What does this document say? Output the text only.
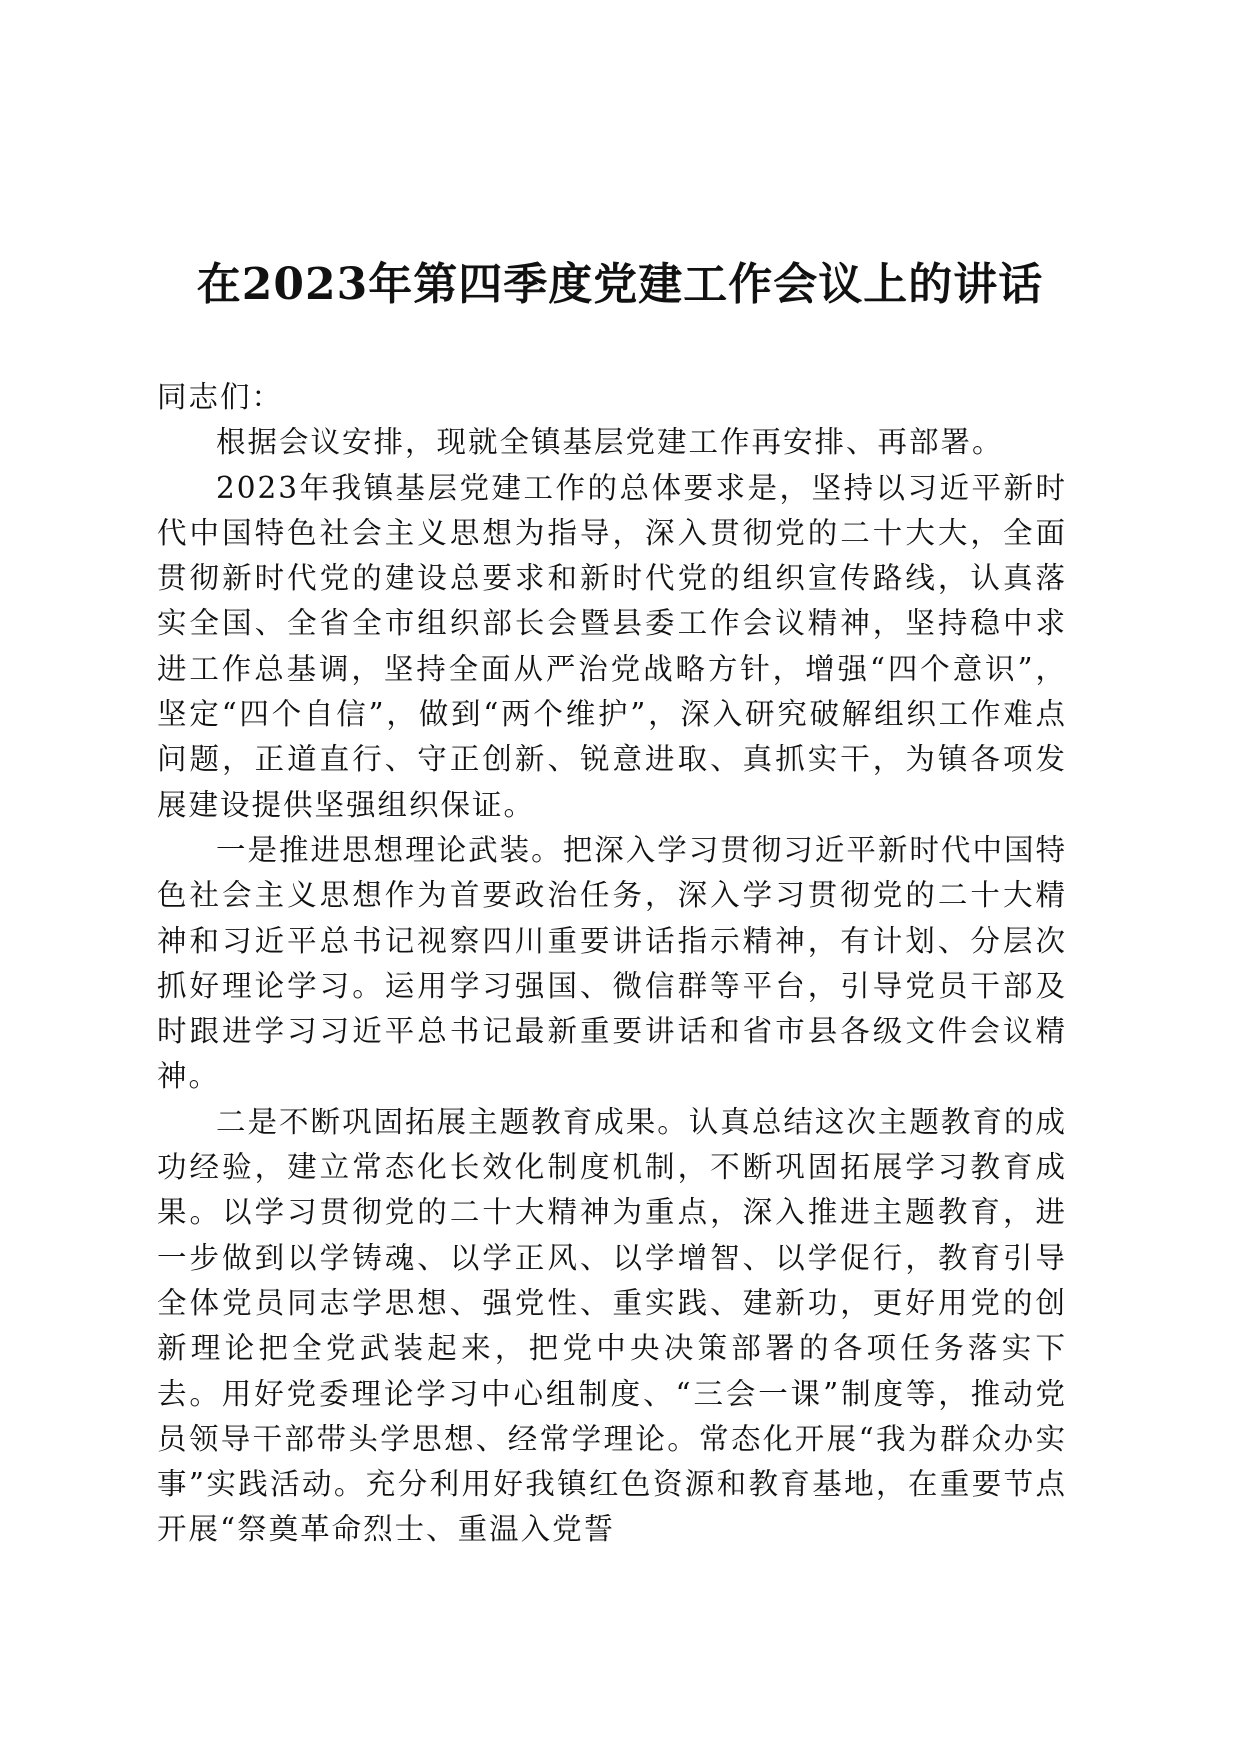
在2023年第四季度党建工作会议上的讲话

同志们：

根据会议安排，现就全镇基层党建工作再安排、再部署。

2023年我镇基层党建工作的总体要求是，坚持以习近平新时代中国特色社会主义思想为指导，深入贯彻党的二十大大，全面贯彻新时代党的建设总要求和新时代党的组织宣传路线，认真落实全国、全省全市组织部长会暨县委工作会议精神，坚持稳中求进工作总基调，坚持全面从严治党战略方针，增强“四个意识”，坚定“四个自信”，做到“两个维护”，深入研究破解组织工作难点问题，正道直行、守正创新、锐意进取、真抓实干，为镇各项发展建设提供坚强组织保证。

一是推进思想理论武装。把深入学习贯彻习近平新时代中国特色社会主义思想作为首要政治任务，深入学习贯彻党的二十大精神和习近平总书记视察四川重要讲话指示精神，有计划、分层次抓好理论学习。运用学习强国、微信群等平台，引导党员干部及时跟进学习习近平总书记最新重要讲话和省市县各级文件会议精神。

二是不断巩固拓展主题教育成果。认真总结这次主题教育的成功经验，建立常态化长效化制度机制，不断巩固拓展学习教育成果。以学习贯彻党的二十大精神为重点，深入推进主题教育，进一步做到以学铸魂、以学正风、以学增智、以学促行，教育引导全体党员同志学思想、强党性、重实践、建新功，更好用党的创新理论把全党武装起来，把党中央决策部署的各项任务落实下去。用好党委理论学习中心组制度、“三会一课”制度等，推动党员领导干部带头学思想、经常学理论。常态化开展“我为群众办实事”实践活动。充分利用好我镇红色资源和教育基地，在重要节点开展“祭奠革命烈士、重温入党誓
